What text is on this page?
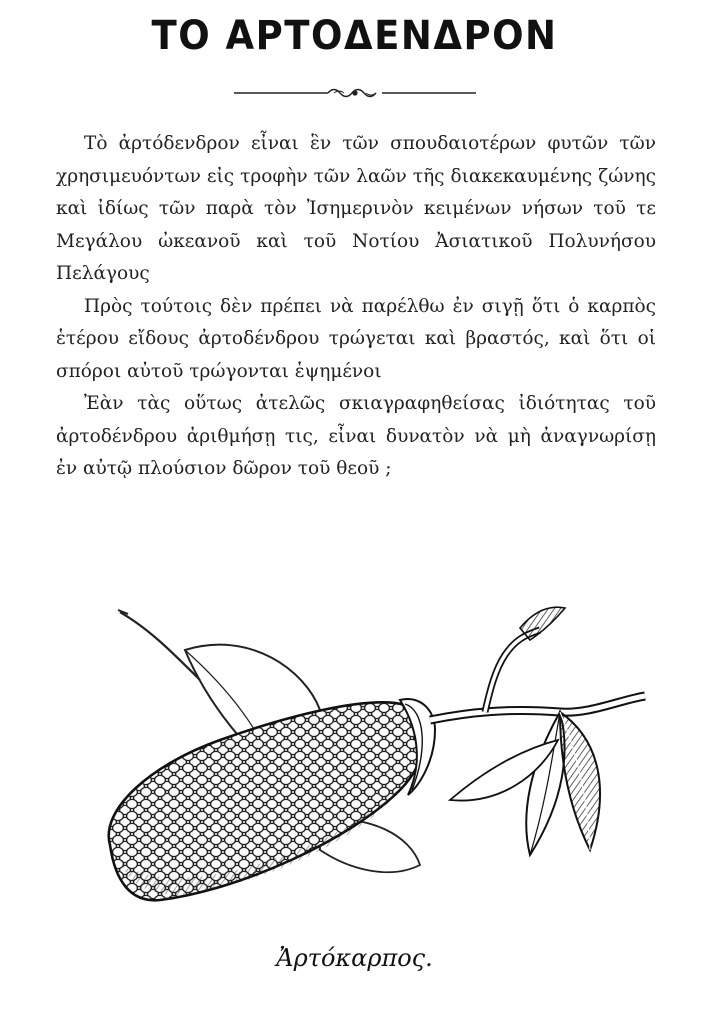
ΤΟ ΑΡΤΟΔΕΝΔΡΟΝ

Τὸ ἀρτόδενδρον εἶναι ἓν τῶν σπουδαιοτέρων φυτῶν τῶν χρησιμευόντων εἰς τροφὴν τῶν λαῶν τῆς διακεκαυμένης ζώνης καὶ ἰδίως τῶν παρὰ τὸν Ἰσημερινὸν κειμένων νήσων τοῦ τε Μεγάλου ὠκεανοῦ καὶ τοῦ Νοτίου Ἀσιατικοῦ Πολυνήσου Πελάγους

Πρὸς τούτοις δὲν πρέπει νὰ παρέλθω ἐν σιγῇ ὅτι ὁ καρπὸς ἑτέρου εἴδους ἀρτοδένδρου τρώγεται καὶ βραστός, καὶ ὅτι οἱ σπόροι αὐτοῦ τρώγονται ἑψημένοι

Ἐὰν τὰς οὕτως ἀτελῶς σκιαγραφηθείσας ἰδιότητας τοῦ ἀρτοδένδρου ἀριθμήσῃ τις, εἶναι δυνατὸν νὰ μὴ ἀναγνωρίσῃ ἐν αὐτῷ πλούσιον δῶρον τοῦ θεοῦ ;

Ἀρτόκαρπος.
